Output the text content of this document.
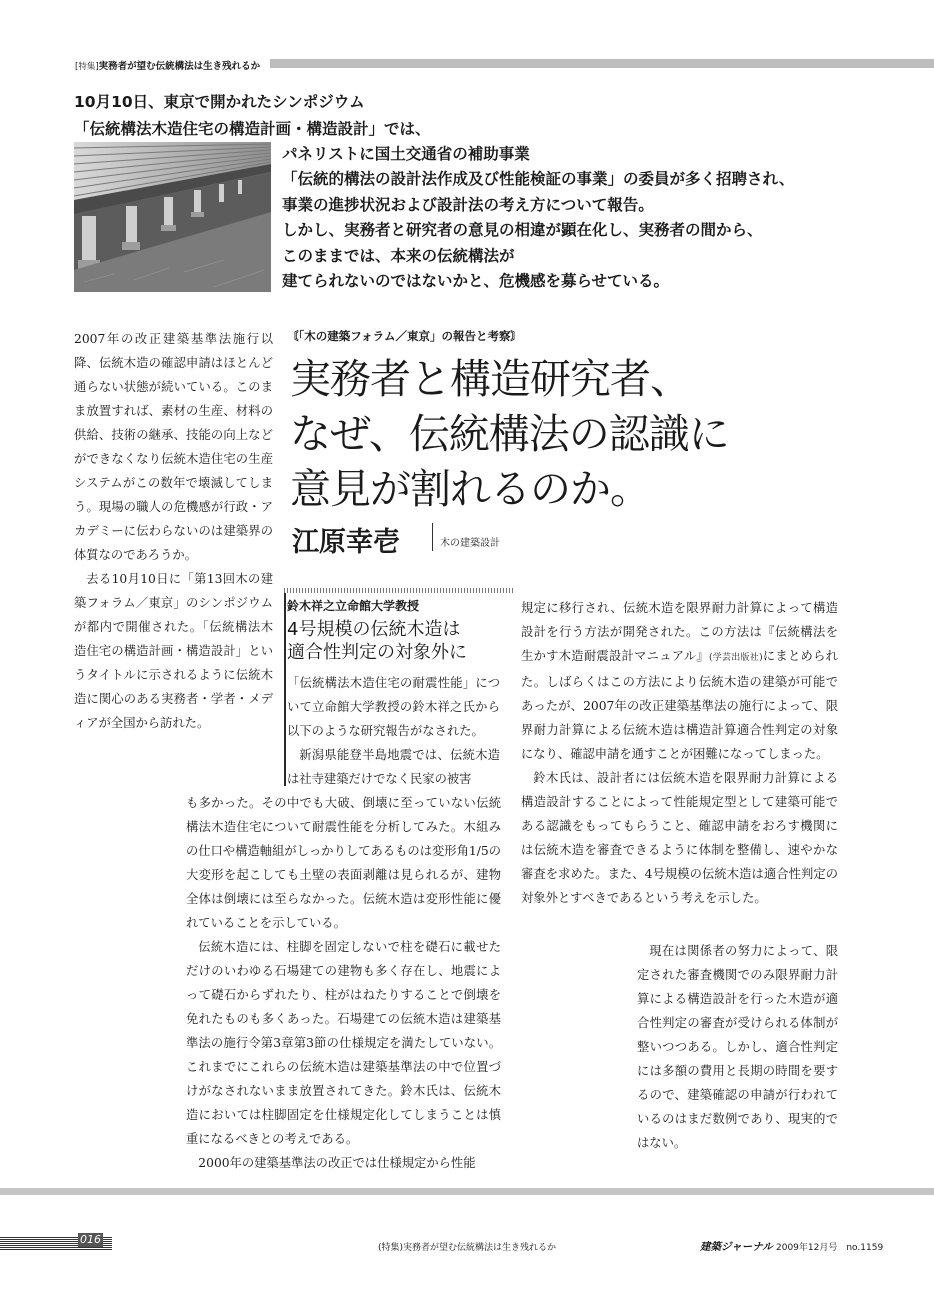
[特集]実務者が望む伝統構法は生き残れるか
10月10日、東京で開かれたシンポジウム
「伝統構法木造住宅の構造計画・構造設計」では、
パネリストに国土交通省の補助事業
「伝統的構法の設計法作成及び性能検証の事業」の委員が多く招聘され、
事業の進捗状況および設計法の考え方について報告。
しかし、実務者と研究者の意見の相違が顕在化し、実務者の間から、
このままでは、本来の伝統構法が
建てられないのではないかと、危機感を募らせている。

2007年の改正建築基準法施行以降、伝統木造の確認申請はほとんど通らない状態が続いている。このまま放置すれば、素材の生産、材料の供給、技術の継承、技能の向上などができなくなり伝統木造住宅の生産システムがこの数年で壊滅してしまう。現場の職人の危機感が行政・アカデミーに伝わらないのは建築界の体質なのであろうか。

去る10月10日に「第13回木の建築フォラム／東京」のシンポジウムが都内で開催された。「伝統構法木造住宅の構造計画・構造設計」というタイトルに示されるように伝統木造に関心のある実務者・学者・メディアが全国から訪れた。

〘「木の建築フォラム／東京」の報告と考察〙
実務者と構造研究者、
なぜ、伝統構法の認識に
意見が割れるのか。
江原幸壱	木の建築設計
鈴木祥之立命館大学教授
4号規模の伝統木造は
適合性判定の対象外に

「伝統構法木造住宅の耐震性能」について立命館大学教授の鈴木祥之氏から以下のような研究報告がなされた。

新潟県能登半島地震では、伝統木造は社寺建築だけでなく民家の被害

も多かった。その中でも大破、倒壊に至っていない伝統構法木造住宅について耐震性能を分析してみた。木組みの仕口や構造軸組がしっかりしてあるものは変形角1/5の大変形を起こしても土壁の表面剥離は見られるが、建物全体は倒壊には至らなかった。伝統木造は変形性能に優れていることを示している。

伝統木造には、柱脚を固定しないで柱を礎石に載せただけのいわゆる石場建ての建物も多く存在し、地震によって礎石からずれたり、柱がはねたりすることで倒壊を免れたものも多くあった。石場建ての伝統木造は建築基準法の施行令第3章第3節の仕様規定を満たしていない。これまでにこれらの伝統木造は建築基準法の中で位置づけがなされないまま放置されてきた。鈴木氏は、伝統木造においては柱脚固定を仕様規定化してしまうことは慎重になるべきとの考えである。

2000年の建築基準法の改正では仕様規定から性能

規定に移行され、伝統木造を限界耐力計算によって構造設計を行う方法が開発された。この方法は『伝統構法を生かす木造耐震設計マニュアル』(学芸出版社)にまとめられた。しばらくはこの方法により伝統木造の建築が可能であったが、2007年の改正建築基準法の施行によって、限界耐力計算による伝統木造は構造計算適合性判定の対象になり、確認申請を通すことが困難になってしまった。

鈴木氏は、設計者には伝統木造を限界耐力計算による構造設計することによって性能規定型として建築可能である認識をもってもらうこと、確認申請をおろす機関には伝統木造を審査できるように体制を整備し、速やかな審査を求めた。また、4号規模の伝統木造は適合性判定の対象外とすべきであるという考えを示した。

現在は関係者の努力によって、限定された審査機関でのみ限界耐力計算による構造設計を行った木造が適合性判定の審査が受けられる体制が整いつつある。しかし、適合性判定には多額の費用と長期の時間を要するので、建築確認の申請が行われているのはまだ数例であり、現実的ではない。

016
(特集)実務者が望む伝統構法は生き残れるか	建築ジャーナル 2009年12月号　no.1159
